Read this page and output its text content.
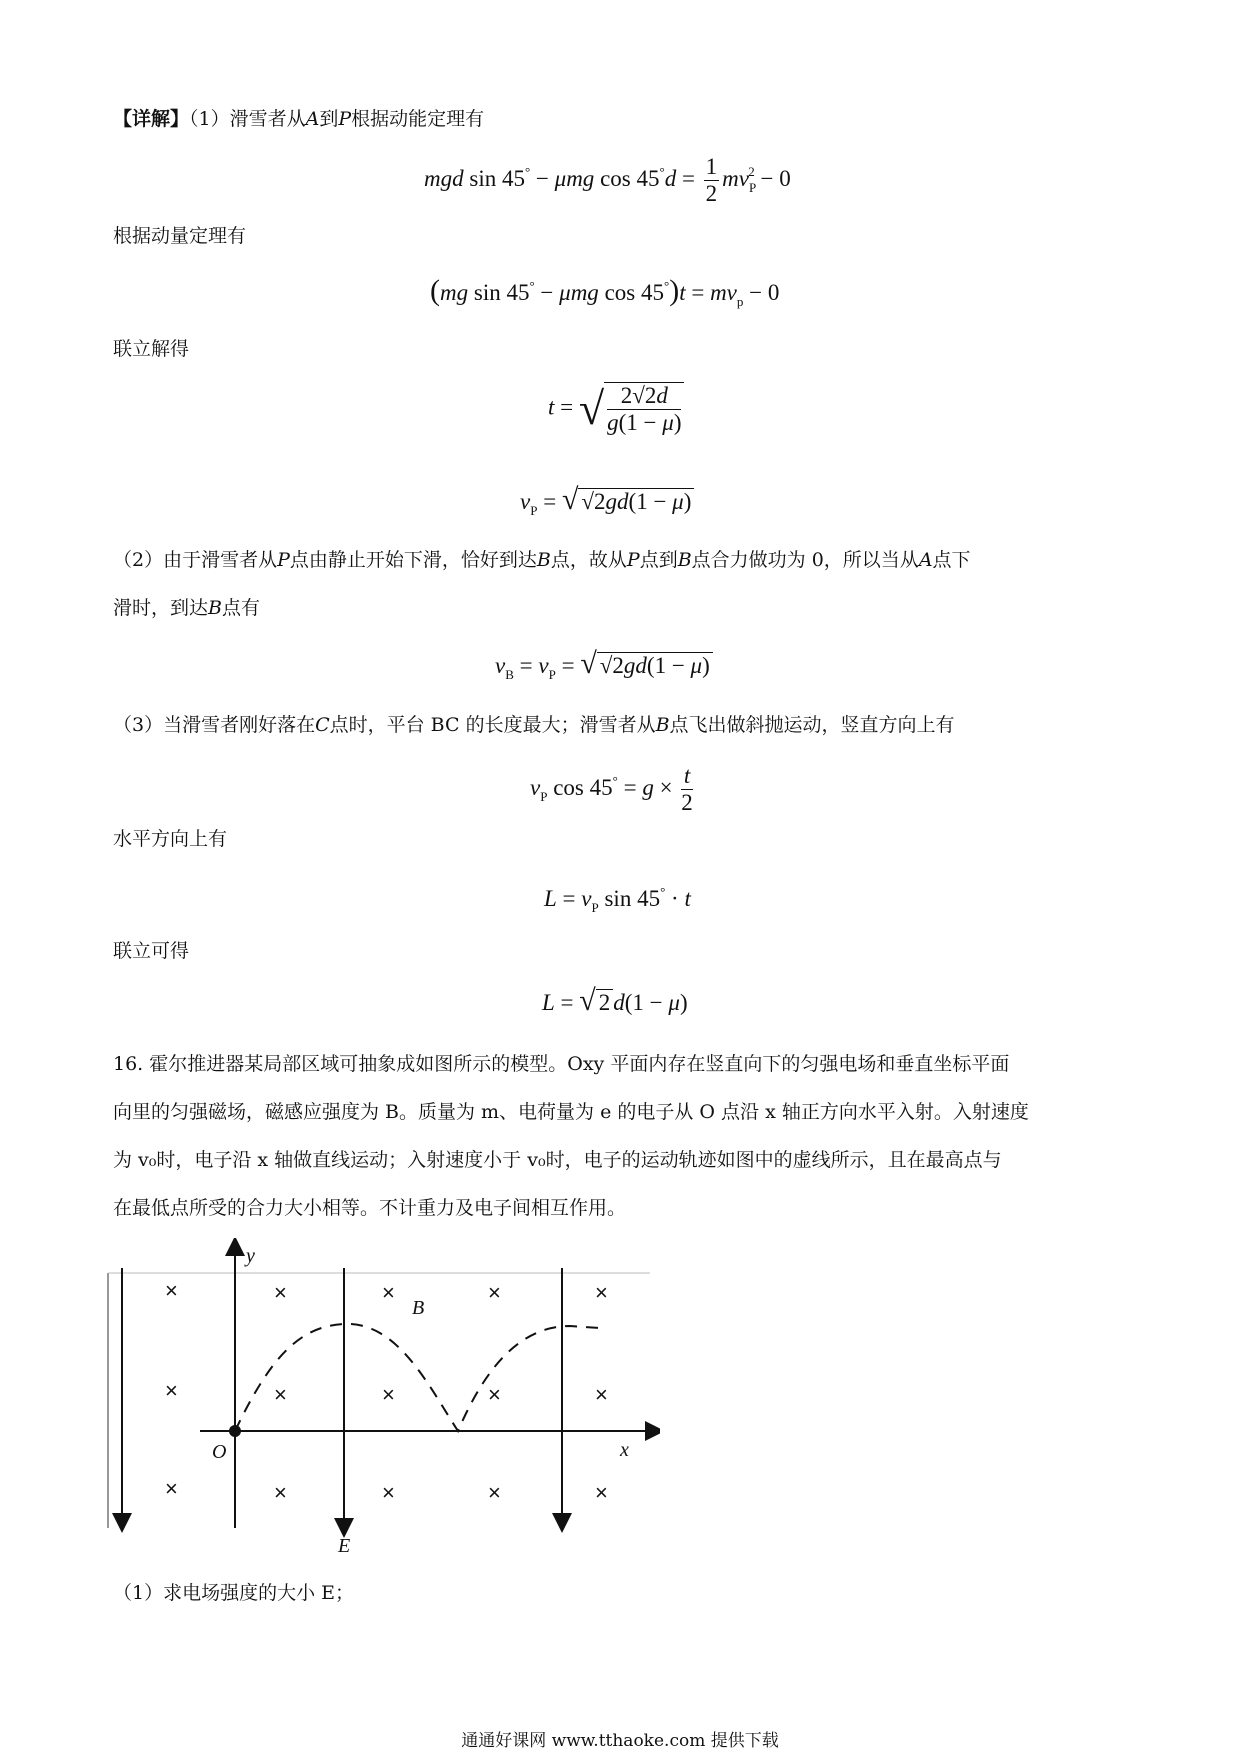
【详解】（1）滑雪者从A到P根据动能定理有
mgd sin 45° − μmg $\cos 45^\circ d = \frac{1}{2} mv_P^2 - 0$
根据动量定理有
(mg sin 45° − μmg $\cos 45^\circ)t = mv_p - 0$
联立解得
t = √ $\frac{2√2d}{g(1 - \mu)}$
$v_P$ = √ √2gd(1 − μ)
（2）由于滑雪者从P点由静止开始下滑，恰好到达B点，故从P点到B点合力做功为 0，所以当从A点下
滑时，到达B点有
$v_B = v_P$ = √ √2gd(1 − μ)
（3）当滑雪者刚好落在C点时，平台 BC 的长度最大；滑雪者从B点飞出做斜抛运动，竖直方向上有
$v_P$ $\cos 45^\circ = g \times \frac{t}{2}$
水平方向上有
$L = v_P$ sin 45° · t
联立可得
L = √ 2 d(1 − μ)
16. 霍尔推进器某局部区域可抽象成如图所示的模型。Oxy 平面内存在竖直向下的匀强电场和垂直坐标平面
向里的匀强磁场，磁感应强度为 B。质量为 m、电荷量为 e 的电子从 O 点沿 x 轴正方向水平入射。入射速度
为 v₀时，电子沿 x 轴做直线运动；入射速度小于 v₀时，电子的运动轨迹如图中的虚线所示，且在最高点与
在最低点所受的合力大小相等。不计重力及电子间相互作用。
×	×	×	×	×
×	×	×	×	×
×	×	×	×	×
y
x
O
B
E
（1）求电场强度的大小 E；
通通好课网 www.tthaoke.com 提供下载
